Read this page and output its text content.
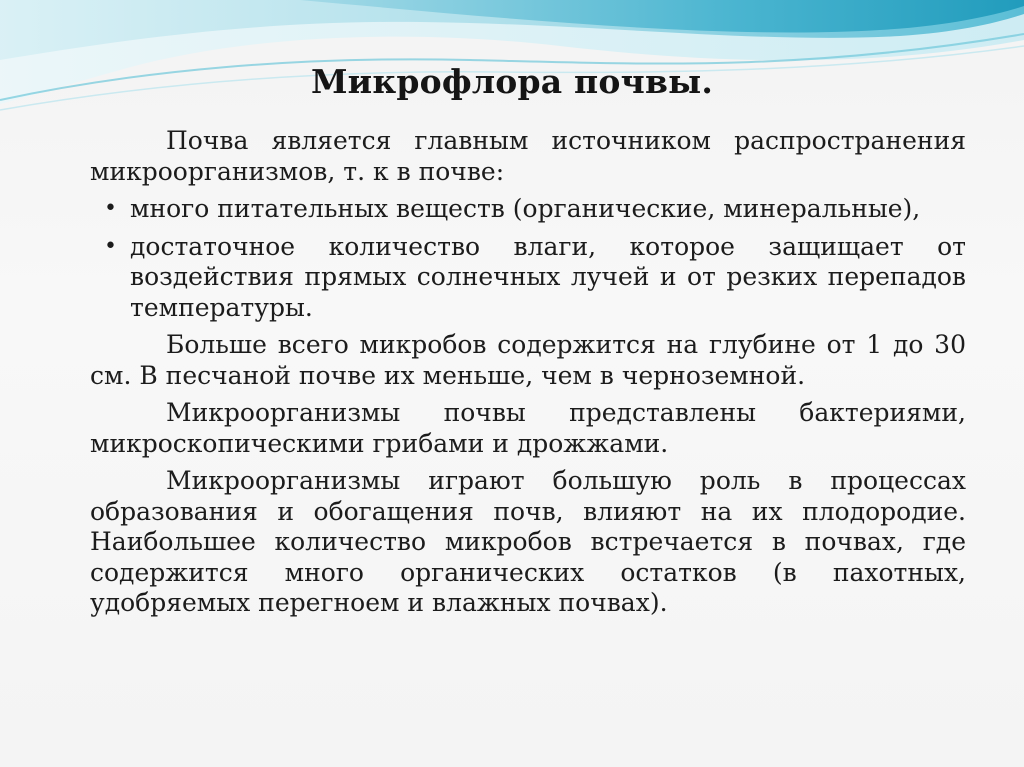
Микрофлора почвы.

Почва является главным источником распространения микроорганизмов, т. к в почве:

• много питательных веществ (органические, минеральные),
• достаточное количество влаги, которое защищает от воздействия прямых солнечных лучей и от резких перепадов температуры.

Больше всего микробов содержится на глубине от 1 до 30 см. В песчаной почве их меньше, чем в черноземной.

Микроорганизмы почвы представлены бактериями, микроскопическими грибами и дрожжами.

Микроорганизмы играют большую роль в процессах образования и обогащения почв, влияют на их плодородие. Наибольшее количество микробов встречается в почвах, где содержится много органических остатков (в пахотных, удобряемых перегноем и влажных почвах).
